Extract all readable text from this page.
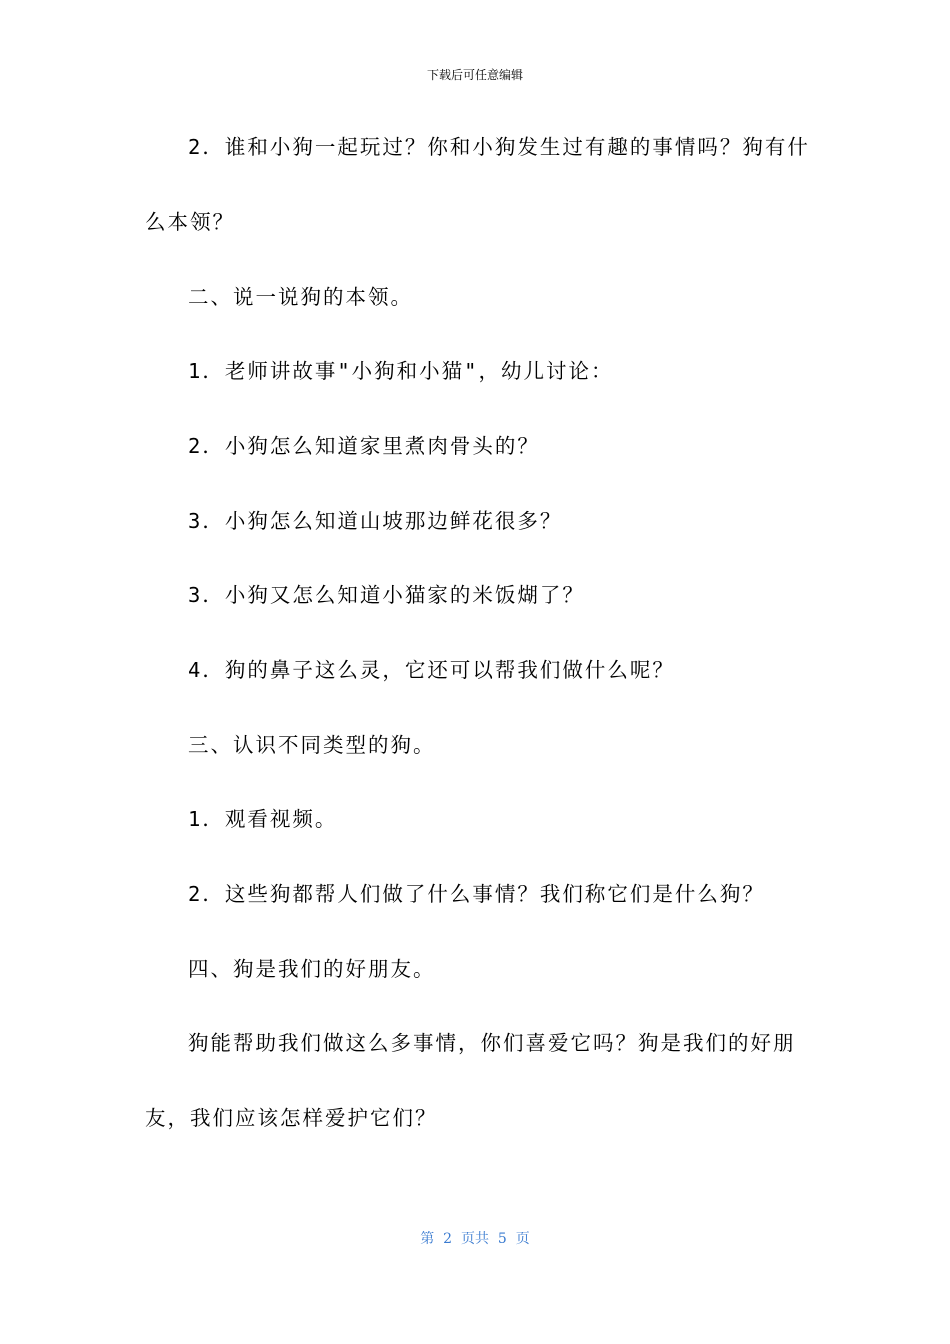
下载后可任意编辑
2．谁和小狗一起玩过？你和小狗发生过有趣的事情吗？狗有什
么本领？
二、说一说狗的本领。
1．老师讲故事"小狗和小猫"，幼儿讨论：
2．小狗怎么知道家里煮肉骨头的？
3．小狗怎么知道山坡那边鲜花很多？
3．小狗又怎么知道小猫家的米饭煳了？
4．狗的鼻子这么灵，它还可以帮我们做什么呢？
三、认识不同类型的狗。
1．观看视频。
2．这些狗都帮人们做了什么事情？我们称它们是什么狗？
四、狗是我们的好朋友。
狗能帮助我们做这么多事情，你们喜爱它吗？狗是我们的好朋
友，我们应该怎样爱护它们？
第  2  页共  5  页
